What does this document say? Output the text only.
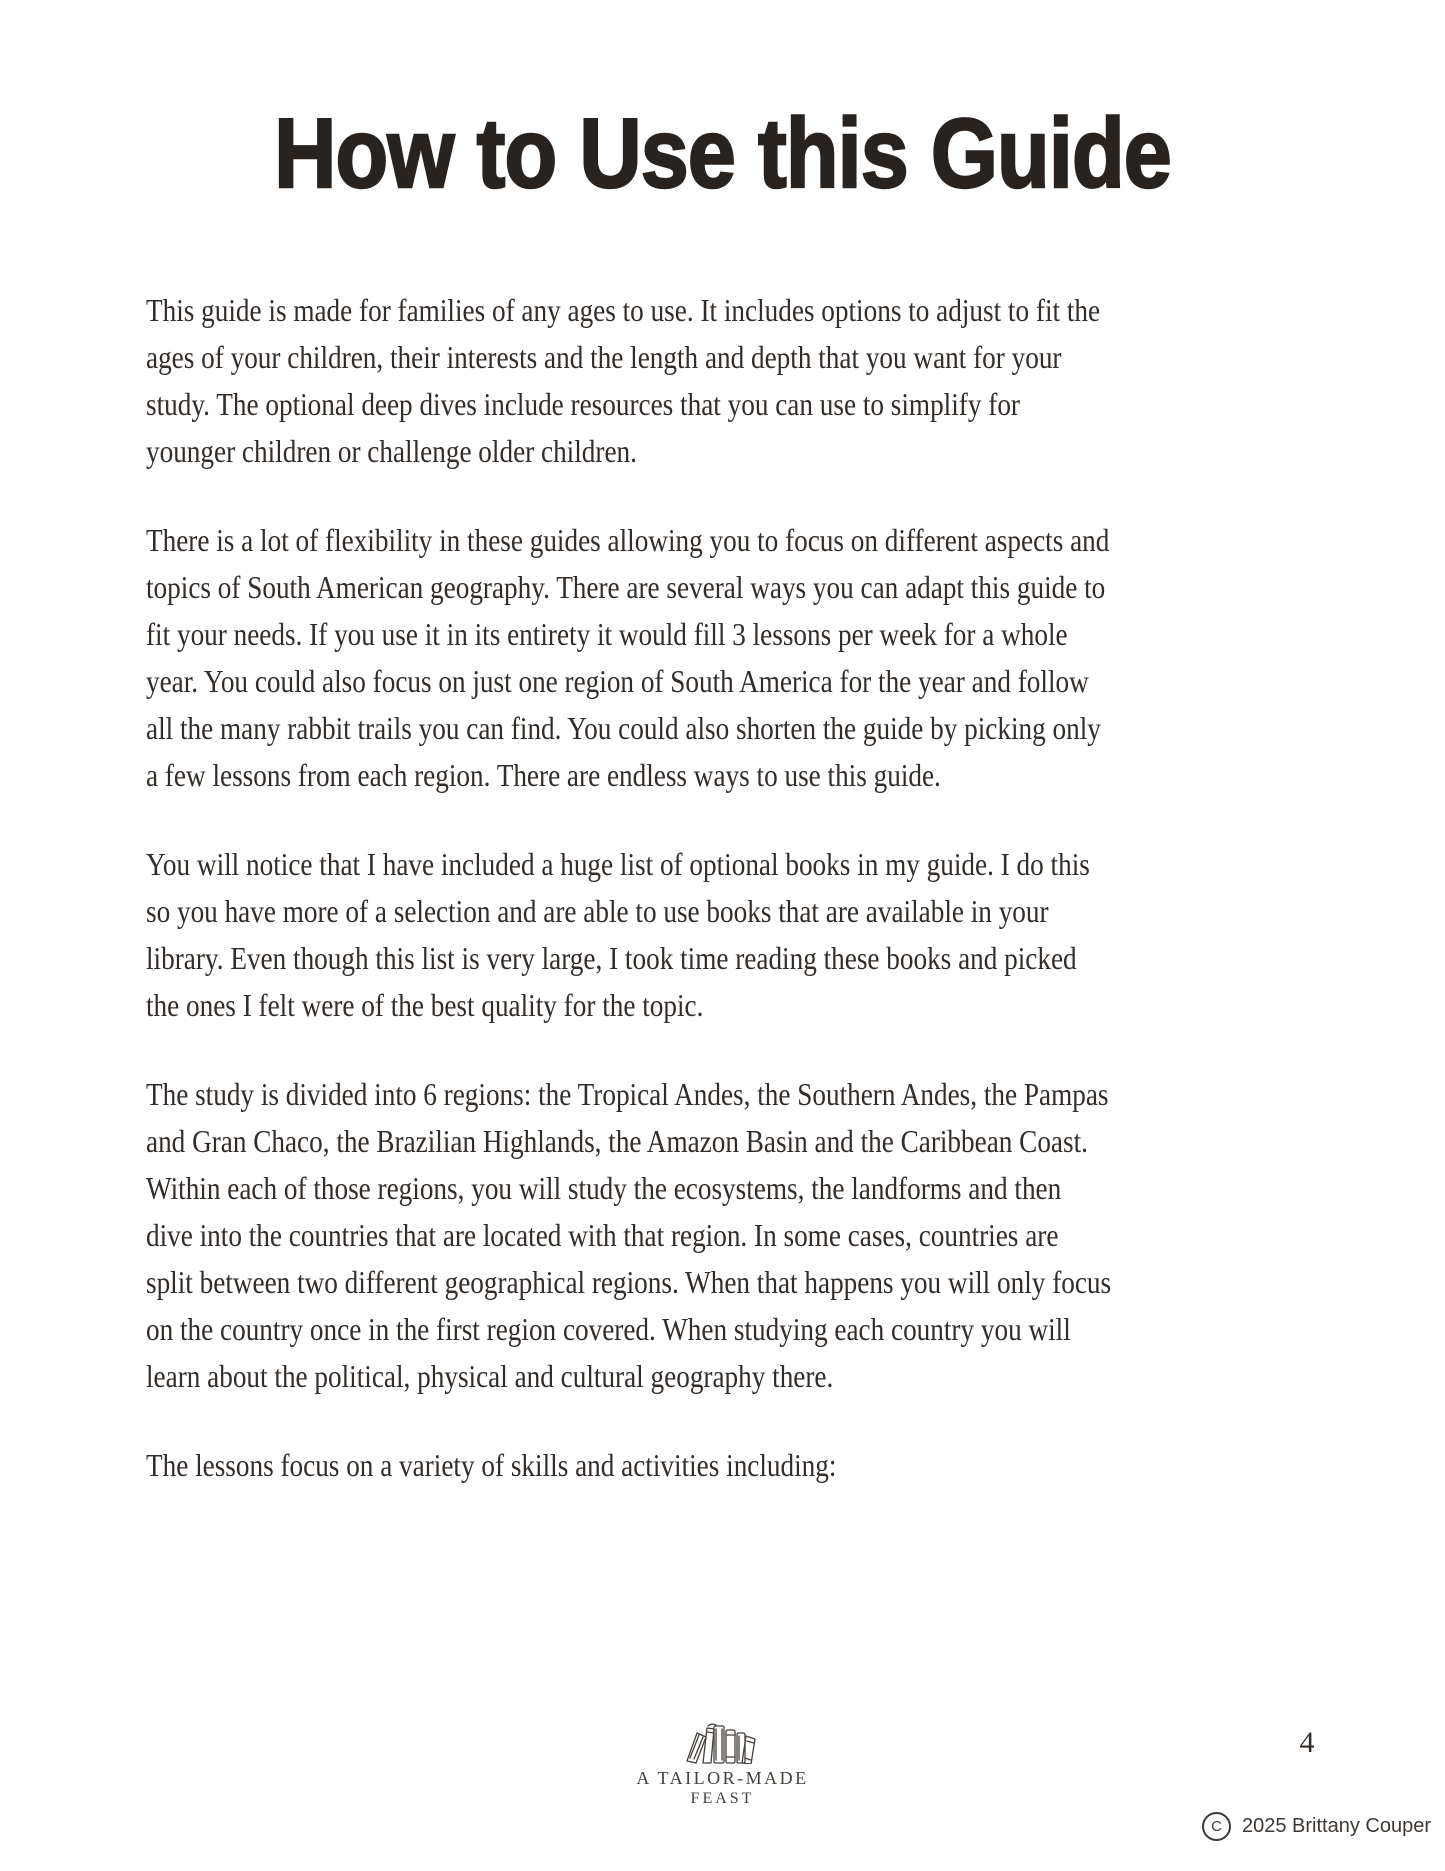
How to Use this Guide
This guide is made for families of any ages to use. It includes options to adjust to fit the
ages of your children, their interests and the length and depth that you want for your
study. The optional deep dives include resources that you can use to simplify for
younger children or challenge older children.
There is a lot of flexibility in these guides allowing you to focus on different aspects and
topics of South American geography. There are several ways you can adapt this guide to
fit your needs. If you use it in its entirety it would fill 3 lessons per week for a whole
year. You could also focus on just one region of South America for the year and follow
all the many rabbit trails you can find. You could also shorten the guide by picking only
a few lessons from each region. There are endless ways to use this guide.
You will notice that I have included a huge list of optional books in my guide. I do this
so you have more of a selection and are able to use books that are available in your
library. Even though this list is very large, I took time reading these books and picked
the ones I felt were of the best quality for the topic.
The study is divided into 6 regions: the Tropical Andes, the Southern Andes, the Pampas
and Gran Chaco, the Brazilian Highlands, the Amazon Basin and the Caribbean Coast.
Within each of those regions, you will study the ecosystems, the landforms and then
dive into the countries that are located with that region. In some cases, countries are
split between two different geographical regions. When that happens you will only focus
on the country once in the first region covered. When studying each country you will
learn about the political, physical and cultural geography there.
The lessons focus on a variety of skills and activities including:
A TAILOR-MADE
FEAST
4
C	2025 Brittany Couper
